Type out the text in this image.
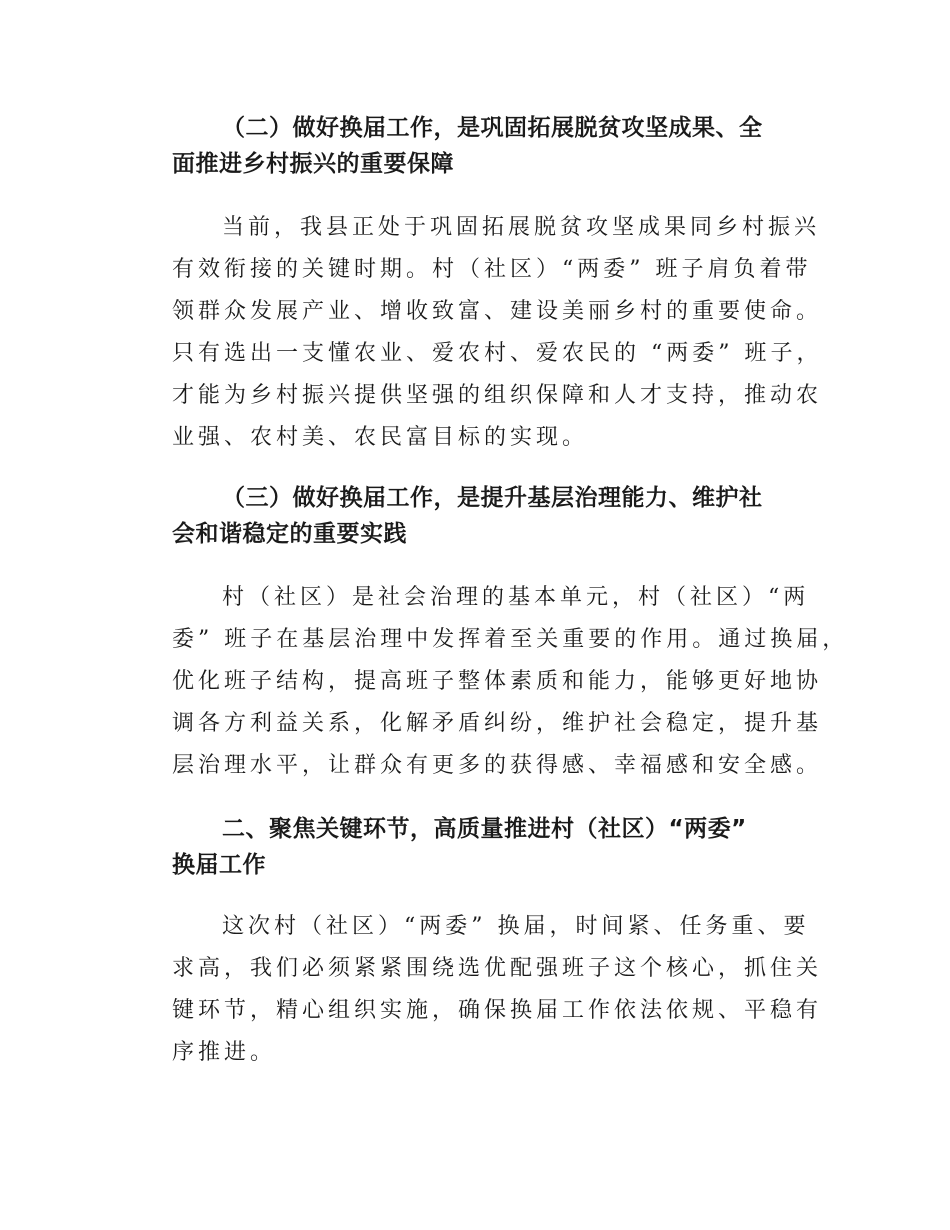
（二）做好换届工作，是巩固拓展脱贫攻坚成果、全
面推进乡村振兴的重要保障
当前，我县正处于巩固拓展脱贫攻坚成果同乡村振兴
有效衔接的关键时期。村（社区）“两委” 班子肩负着带
领群众发展产业、增收致富、建设美丽乡村的重要使命。
只有选出一支懂农业、爱农村、爱农民的 “两委” 班子，
才能为乡村振兴提供坚强的组织保障和人才支持，推动农
业强、农村美、农民富目标的实现。
（三）做好换届工作，是提升基层治理能力、维护社
会和谐稳定的重要实践
村（社区）是社会治理的基本单元，村（社区）“两
委” 班子在基层治理中发挥着至关重要的作用。通过换届，
优化班子结构，提高班子整体素质和能力，能够更好地协
调各方利益关系，化解矛盾纠纷，维护社会稳定，提升基
层治理水平，让群众有更多的获得感、幸福感和安全感。
二、聚焦关键环节，高质量推进村（社区）“两委”
换届工作
这次村（社区）“两委” 换届，时间紧、任务重、要
求高，我们必须紧紧围绕选优配强班子这个核心，抓住关
键环节，精心组织实施，确保换届工作依法依规、平稳有
序推进。
